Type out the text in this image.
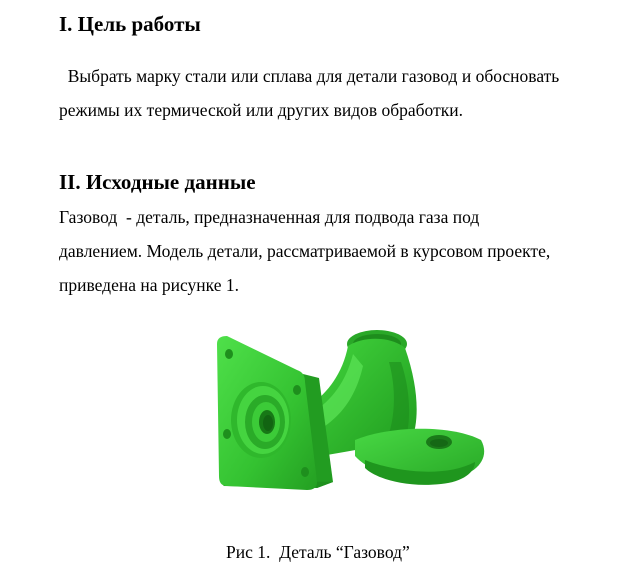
I. Цель работы

Выбрать марку стали или сплава для детали газовод и обосновать
режимы их термической или других видов обработки.

II. Исходные данные

Газовод  - деталь, предназначенная для подвода газа под
давлением. Модель детали, рассматриваемой в курсовом проекте,
приведена на рисунке 1.

Рис 1.  Деталь “Газовод”
